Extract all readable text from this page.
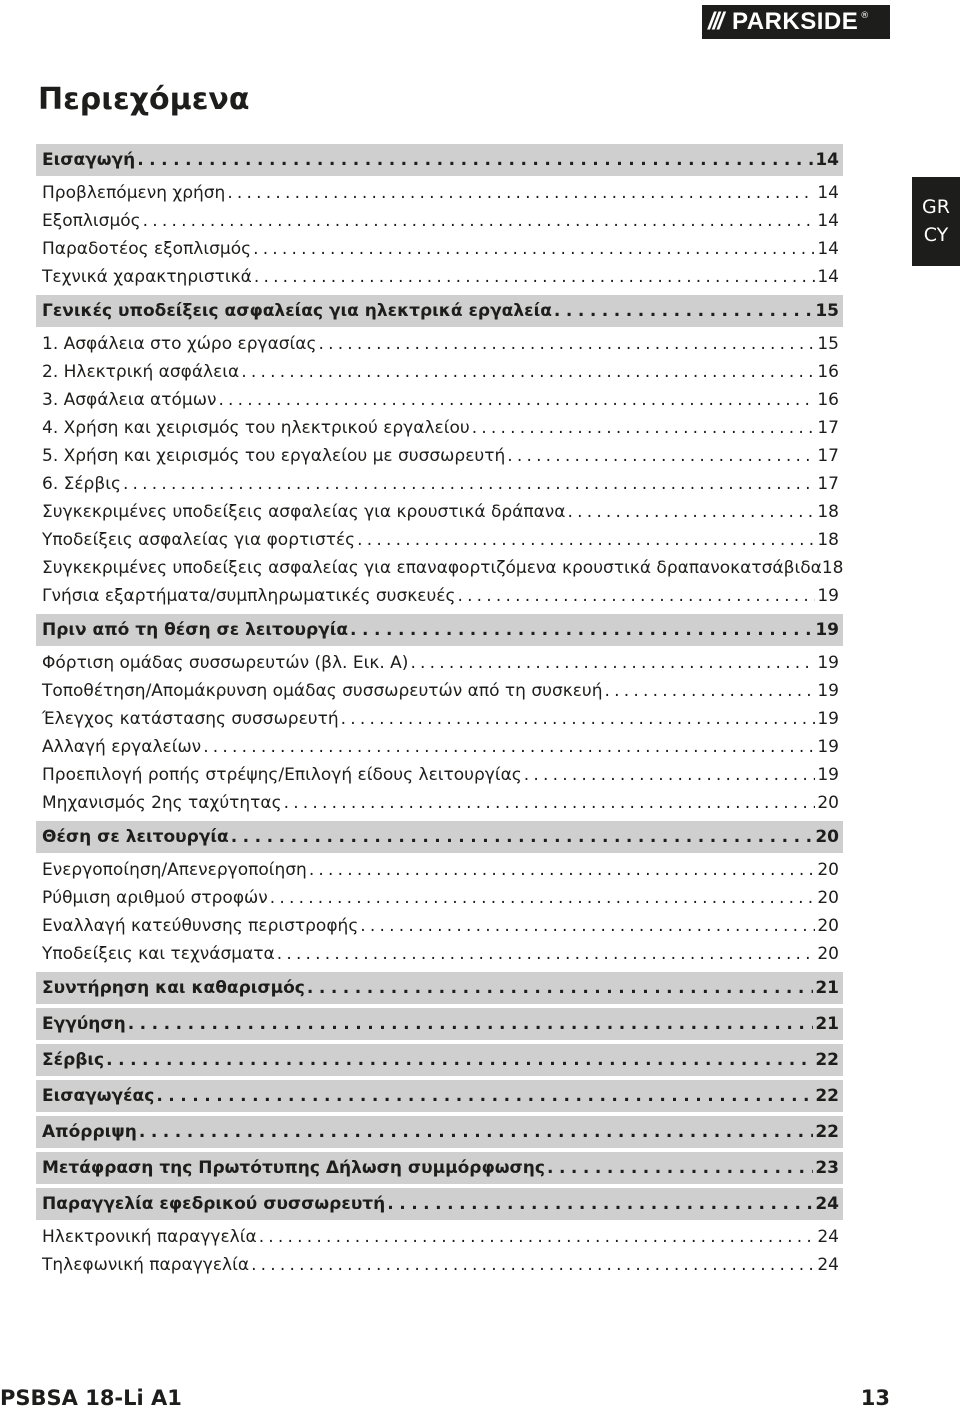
/// PARKSIDE ®
Περιεχόμενα
GR
CY
Εισαγωγή . . .	14
Προβλεπόμενη χρήση . . .	14
Εξοπλισμός . . .	14
Παραδοτέος εξοπλισμός . . .	14
Τεχνικά χαρακτηριστικά . . .	14
Γενικές υποδείξεις ασφαλείας για ηλεκτρικά εργαλεία . . .	15
1. Ασφάλεια στο χώρο εργασίας . . .	15
2. Ηλεκτρική ασφάλεια . . .	16
3. Ασφάλεια ατόμων . . .	16
4. Χρήση και χειρισμός του ηλεκτρικού εργαλείου . . .	17
5. Χρήση και χειρισμός του εργαλείου με συσσωρευτή . . .	17
6. Σέρβις . . .	17
Συγκεκριμένες υποδείξεις ασφαλείας για κρουστικά δράπανα . . .	18
Υποδείξεις ασφαλείας για φορτιστές . . .	18
Συγκεκριμένες υποδείξεις ασφαλείας για επαναφορτιζόμενα κρουστικά δραπανοκατσάβιδα 18
Γνήσια εξαρτήματα/συμπληρωματικές συσκευές . . .	19
Πριν από τη θέση σε λειτουργία . . .	19
Φόρτιση ομάδας συσσωρευτών (βλ. Εικ. A) . . .	19
Τοποθέτηση/Απομάκρυνση ομάδας συσσωρευτών από τη συσκευή . . .	19
Έλεγχος κατάστασης συσσωρευτή . . .	19
Αλλαγή εργαλείων . . .	19
Προεπιλογή ροπής στρέψης/Επιλογή είδους λειτουργίας . . .	19
Μηχανισμός 2ης ταχύτητας . . .	20
Θέση σε λειτουργία . . .	20
Ενεργοποίηση/Απενεργοποίηση . . .	20
Ρύθμιση αριθμού στροφών . . .	20
Εναλλαγή κατεύθυνσης περιστροφής . . .	20
Υποδείξεις και τεχνάσματα . . .	20
Συντήρηση και καθαρισμός . . .	21
Εγγύηση . . .	21
Σέρβις . . .	22
Εισαγωγέας . . .	22
Απόρριψη . . .	22
Μετάφραση της Πρωτότυπης Δήλωση συμμόρφωσης . . .	23
Παραγγελία εφεδρικού συσσωρευτή . . .	24
Ηλεκτρονική παραγγελία . . .	24
Τηλεφωνική παραγγελία . . .	24
PSBSA 18-Li A1	13
